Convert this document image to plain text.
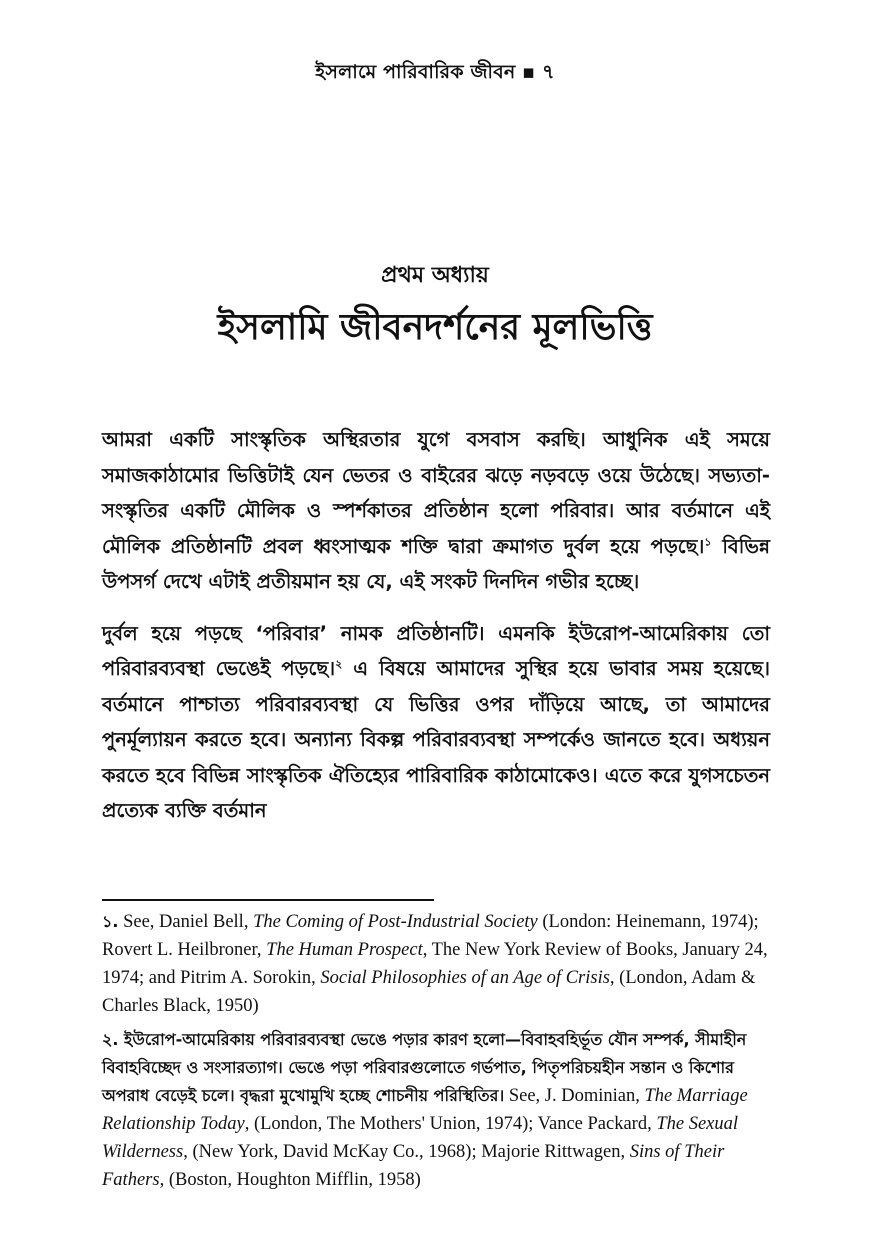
ইসলামে পারিবারিক জীবন ▪ ৭
প্রথম অধ্যায়
ইসলামি জীবনদর্শনের মূলভিত্তি

আমরা একটি সাংস্কৃতিক অস্থিরতার যুগে বসবাস করছি। আধুনিক এই সময়ে সমাজকাঠামোর ভিত্তিটাই যেন ভেতর ও বাইরের ঝড়ে নড়বড়ে ওয়ে উঠেছে। সভ্যতা-সংস্কৃতির একটি মৌলিক ও স্পর্শকাতর প্রতিষ্ঠান হলো পরিবার। আর বর্তমানে এই মৌলিক প্রতিষ্ঠানটি প্রবল ধ্বংসাত্মক শক্তি দ্বারা ক্রমাগত দুর্বল হয়ে পড়ছে।$^১$ বিভিন্ন উপসর্গ দেখে এটাই প্রতীয়মান হয় যে, এই সংকট দিনদিন গভীর হচ্ছে।

দুর্বল হয়ে পড়ছে ‘পরিবার’ নামক প্রতিষ্ঠানটি। এমনকি ইউরোপ-আমেরিকায় তো পরিবারব্যবস্থা ভেঙেই পড়ছে।$^২$ এ বিষয়ে আমাদের সুস্থির হয়ে ভাবার সময় হয়েছে। বর্তমানে পাশ্চাত্য পরিবারব্যবস্থা যে ভিত্তির ওপর দাঁড়িয়ে আছে, তা আমাদের পুনর্মূল্যায়ন করতে হবে। অন্যান্য বিকল্প পরিবারব্যবস্থা সম্পর্কেও জানতে হবে। অধ্যয়ন করতে হবে বিভিন্ন সাংস্কৃতিক ঐতিহ্যের পারিবারিক কাঠামোকেও। এতে করে যুগসচেতন প্রত্যেক ব্যক্তি বর্তমান

১. See, Daniel Bell, The Coming of Post-Industrial Society (London: Heinemann, 1974); Rovert L. Heilbroner, The Human Prospect, The New York Review of Books, January 24, 1974; and Pitrim A. Sorokin, Social Philosophies of an Age of Crisis, (London, Adam & Charles Black, 1950)

২. ইউরোপ-আমেরিকায় পরিবারব্যবস্থা ভেঙে পড়ার কারণ হলো—বিবাহবহির্ভূত যৌন সম্পর্ক, সীমাহীন বিবাহবিচ্ছেদ ও সংসারত্যাগ। ভেঙে পড়া পরিবারগুলোতে গর্ভপাত, পিতৃপরিচয়হীন সন্তান ও কিশোর অপরাধ বেড়েই চলে। বৃদ্ধরা মুখোমুখি হচ্ছে শোচনীয় পরিস্থিতির। See, J. Dominian, The Marriage Relationship Today, (London, The Mothers' Union, 1974); Vance Packard, The Sexual Wilderness, (New York, David McKay Co., 1968); Majorie Rittwagen, Sins of Their Fathers, (Boston, Houghton Mifflin, 1958)
